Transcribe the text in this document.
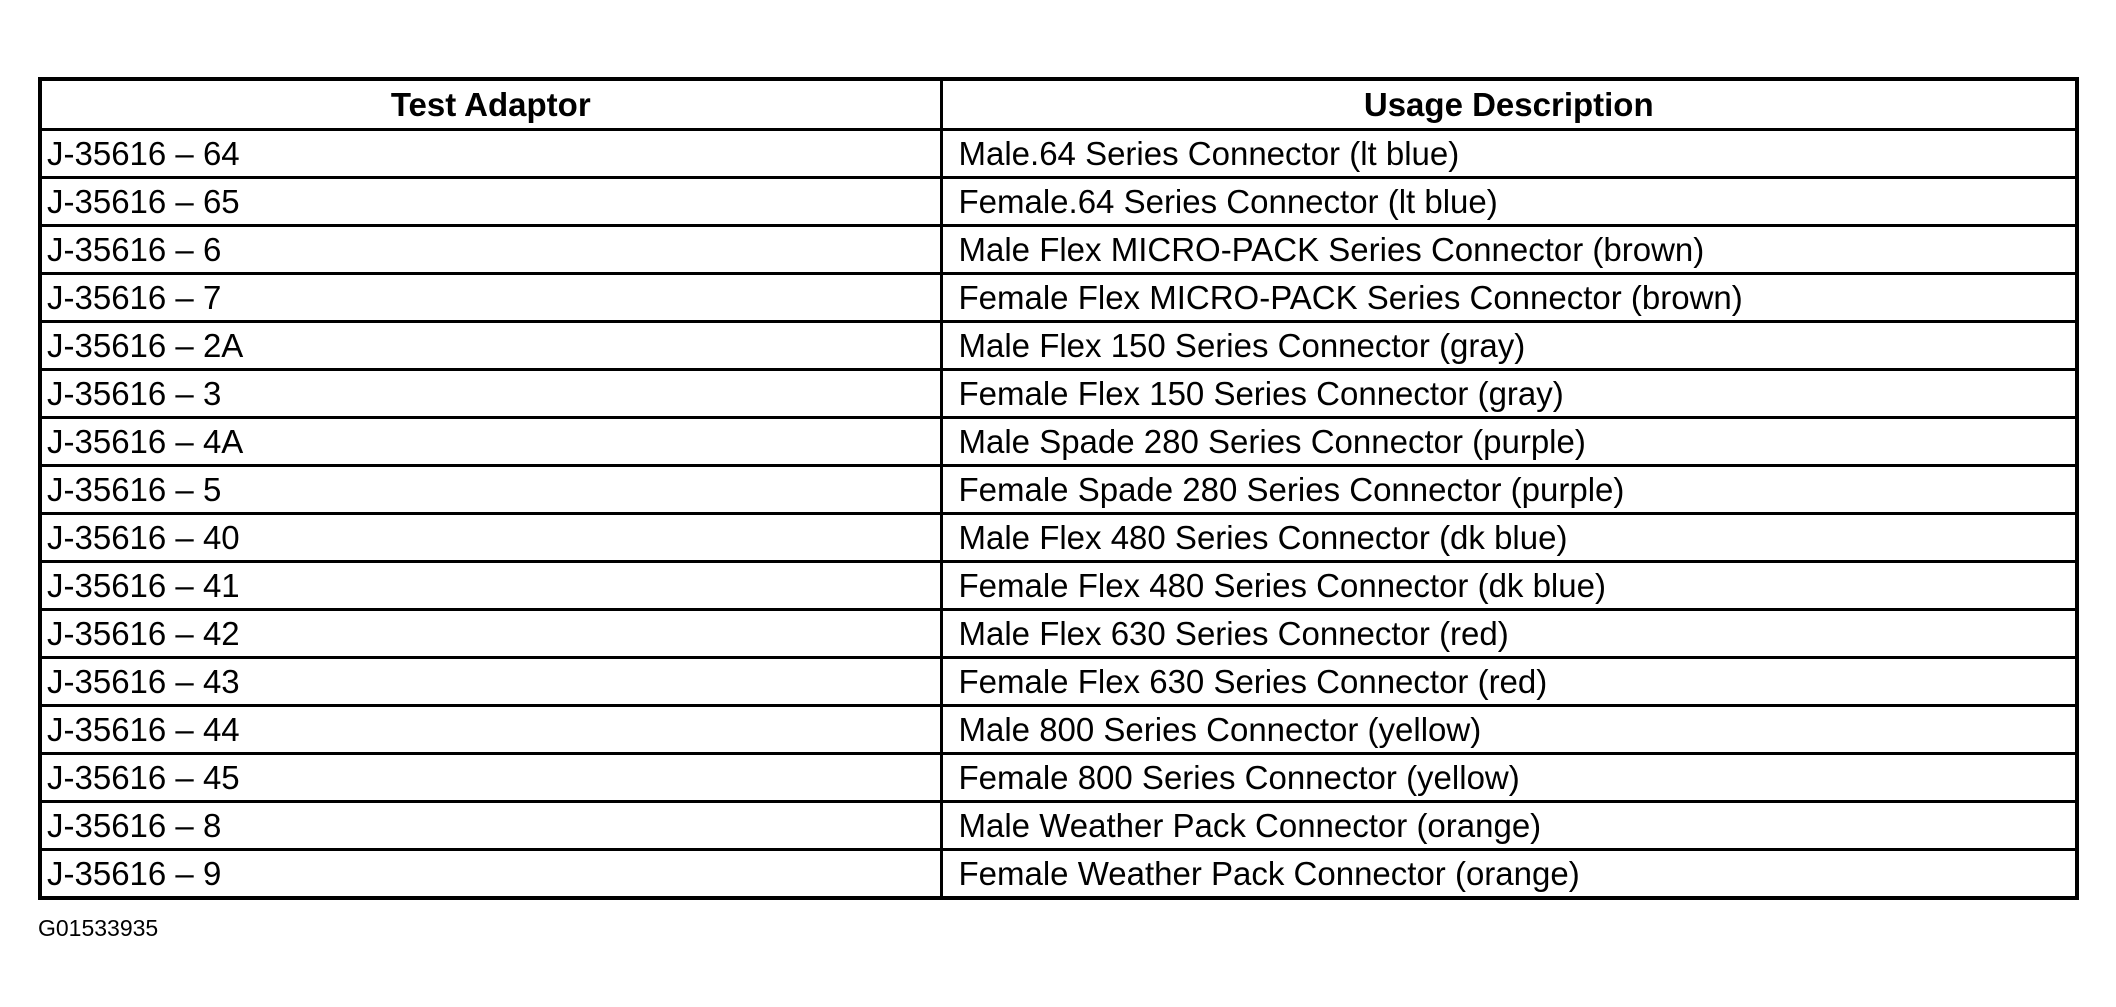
Test Adaptor	Usage Description
J-35616 – 64	Male.64 Series Connector (lt blue)
J-35616 – 65	Female.64 Series Connector (lt blue)
J-35616 – 6	Male Flex MICRO-PACK Series Connector (brown)
J-35616 – 7	Female Flex MICRO-PACK Series Connector (brown)
J-35616 – 2A	Male Flex 150 Series Connector (gray)
J-35616 – 3	Female Flex 150 Series Connector (gray)
J-35616 – 4A	Male Spade 280 Series Connector (purple)
J-35616 – 5	Female Spade 280 Series Connector (purple)
J-35616 – 40	Male Flex 480 Series Connector (dk blue)
J-35616 – 41	Female Flex 480 Series Connector (dk blue)
J-35616 – 42	Male Flex 630 Series Connector (red)
J-35616 – 43	Female Flex 630 Series Connector (red)
J-35616 – 44	Male 800 Series Connector (yellow)
J-35616 – 45	Female 800 Series Connector (yellow)
J-35616 – 8	Male Weather Pack Connector (orange)
J-35616 – 9	Female Weather Pack Connector (orange)
G01533935
